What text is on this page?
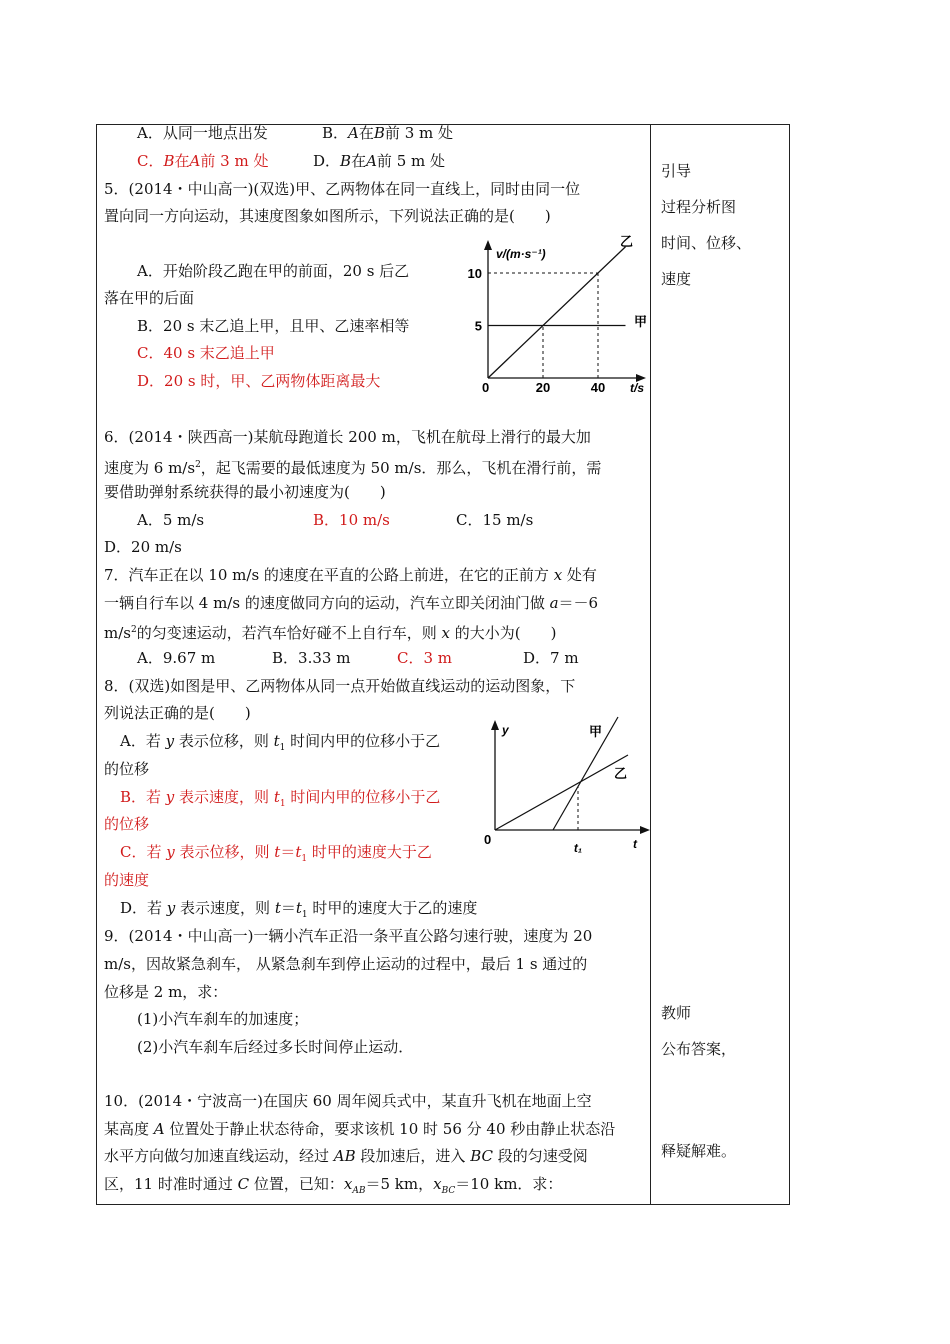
A．从同一地点出发	B．A在B前 3 m 处
C．B在A前 3 m 处	D．B在A前 5 m 处
5．(2014・中山高一)(双选)甲、乙两物体在同一直线上，同时由同一位
置向同一方向运动，其速度图象如图所示，下列说法正确的是(　　)
A．开始阶段乙跑在甲的前面，20 s 后乙
落在甲的后面
B．20 s 末乙追上甲，且甲、乙速率相等
C．40 s 末乙追上甲
D．20 s 时，甲、乙两物体距离最大
v/(m·s⁻¹)
t/s
0	20	40
5
10
甲
乙
6．(2014・陕西高一)某航母跑道长 200 m，飞机在航母上滑行的最大加
速度为 6 $m/s^2$，起飞需要的最低速度为 50 m/s．那么，飞机在滑行前，需
要借助弹射系统获得的最小初速度为(　　)
A．5 m/s	B．10 m/s	C．15 m/s
D．20 m/s
7．汽车正在以 10 m/s 的速度在平直的公路上前进，在它的正前方 x 处有
一辆自行车以 4 m/s 的速度做同方向的运动，汽车立即关闭油门做 a＝－6
$m/s^2$的匀变速运动，若汽车恰好碰不上自行车，则 x 的大小为(　　)
A．9.67 m	B．3.33 m	C．3 m	D．7 m
8．(双选)如图是甲、乙两物体从同一点开始做直线运动的运动图象，下
列说法正确的是(　　)
A．若 y 表示位移，则 $t_1$ 时间内甲的位移小于乙
的位移
B．若 y 表示速度，则 $t_1$ 时间内甲的位移小于乙
的位移
C．若 y 表示位移，则 $t=t_1$ 时甲的速度大于乙
的速度
D．若 y 表示速度，则 $t=t_1$ 时甲的速度大于乙的速度
y
t
0
t₁
甲
乙
9．(2014・中山高一)一辆小汽车正沿一条平直公路匀速行驶，速度为 20
m/s，因故紧急刹车， 从紧急刹车到停止运动的过程中，最后 1 s 通过的
位移是 2 m，求：
(1)小汽车刹车的加速度；
(2)小汽车刹车后经过多长时间停止运动．
10．(2014・宁波高一)在国庆 60 周年阅兵式中，某直升飞机在地面上空
某高度 A 位置处于静止状态待命，要求该机 10 时 56 分 40 秒由静止状态沿
水平方向做匀加速直线运动，经过 AB 段加速后，进入 BC 段的匀速受阅
区，11 时准时通过 C 位置，已知：$x_{AB}=5$ km，$x_{BC}=10$ km．求：
引导
过程分析图
时间、位移、
速度
教师
公布答案，
释疑解难。
